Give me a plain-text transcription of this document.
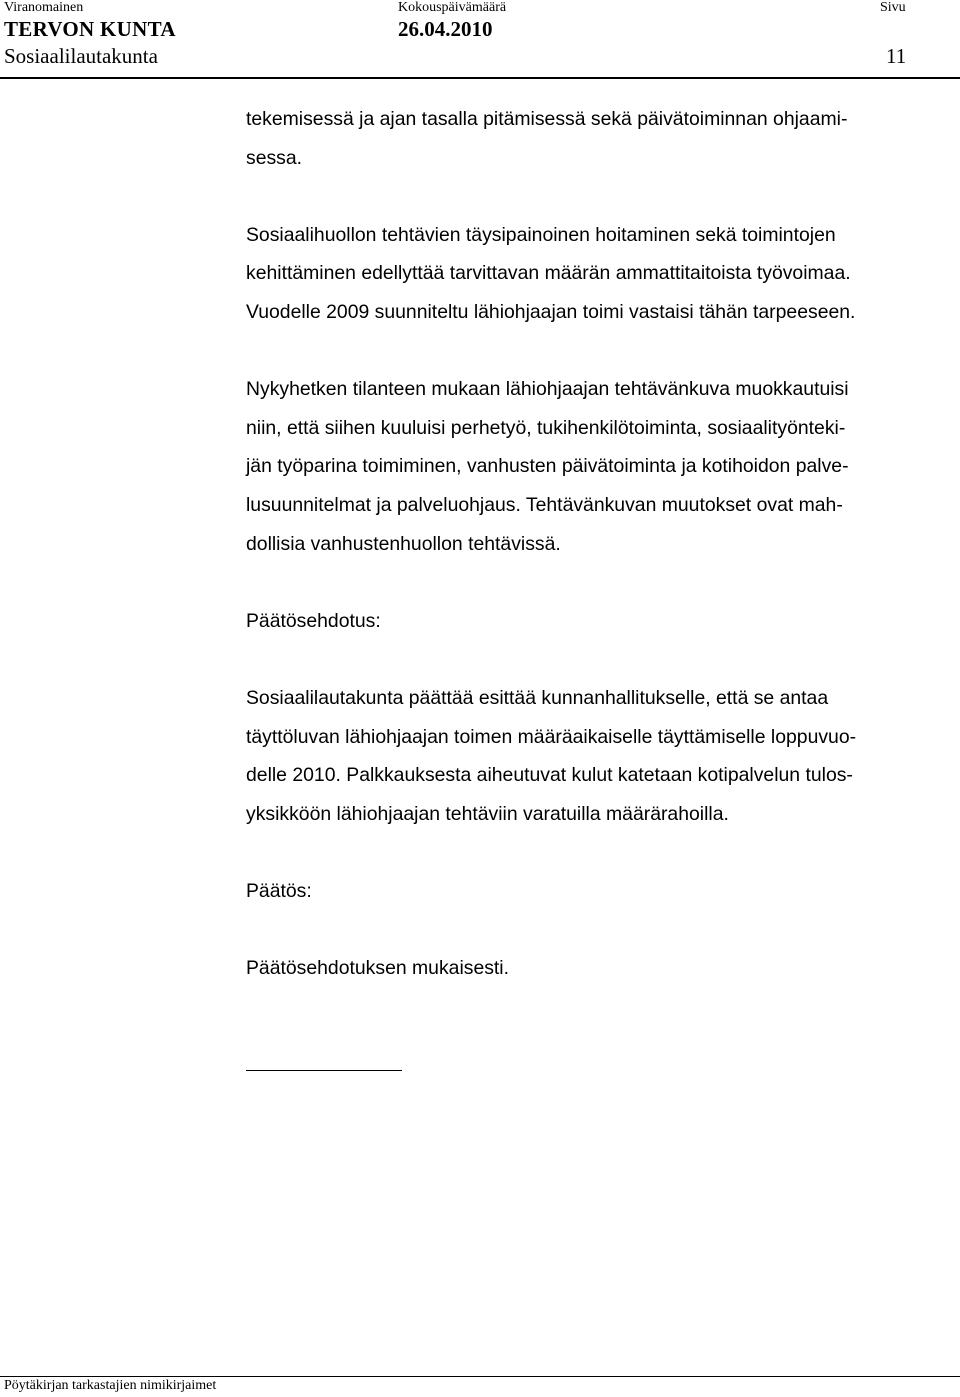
Viranomainen	Kokouspäivämäärä	Sivu
TERVON KUNTA	26.04.2010
Sosiaalilautakunta	11

tekemisessä ja ajan tasalla pitämisessä sekä päivätoiminnan ohjaami-
sessa.

Sosiaalihuollon tehtävien täysipainoinen hoitaminen sekä toimintojen
kehittäminen edellyttää tarvittavan määrän ammattitaitoista työvoimaa.
Vuodelle 2009 suunniteltu lähiohjaajan toimi vastaisi tähän tarpeeseen.

Nykyhetken tilanteen mukaan lähiohjaajan tehtävänkuva muokkautuisi
niin, että siihen kuuluisi perhetyö, tukihenkilötoiminta, sosiaalityönteki-
jän työparina toimiminen, vanhusten päivätoiminta ja kotihoidon palve-
lusuunnitelmat ja palveluohjaus. Tehtävänkuvan muutokset ovat mah-
dollisia vanhustenhuollon tehtävissä.

Päätösehdotus:

Sosiaalilautakunta päättää esittää kunnanhallitukselle, että se antaa
täyttöluvan lähiohjaajan toimen määräaikaiselle täyttämiselle loppuvuo-
delle 2010. Palkkauksesta aiheutuvat kulut katetaan kotipalvelun tulos-
yksikköön lähiohjaajan tehtäviin varatuilla määrärahoilla.

Päätös:

Päätösehdotuksen mukaisesti.

Pöytäkirjan tarkastajien nimikirjaimet
